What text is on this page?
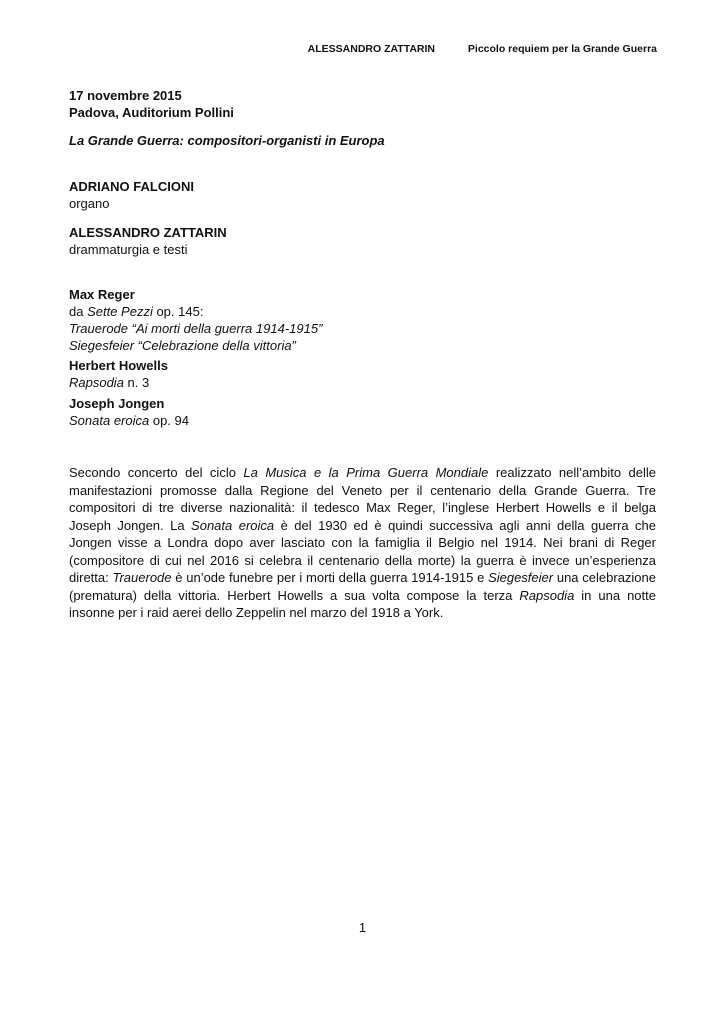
ALESSANDRO ZATTARIN	Piccolo requiem per la Grande Guerra
17 novembre 2015
Padova, Auditorium Pollini
La Grande Guerra: compositori-organisti in Europa
ADRIANO FALCIONI
organo
ALESSANDRO ZATTARIN
drammaturgia e testi
Max Reger
da Sette Pezzi op. 145:
Trauerode “Ai morti della guerra 1914-1915”
Siegesfeier “Celebrazione della vittoria”
Herbert Howells
Rapsodia n. 3
Joseph Jongen
Sonata eroica op. 94
Secondo concerto del ciclo La Musica e la Prima Guerra Mondiale realizzato nell’ambito delle manifestazioni promosse dalla Regione del Veneto per il centenario della Grande Guerra. Tre compositori di tre diverse nazionalità: il tedesco Max Reger, l’inglese Herbert Howells e il belga Joseph Jongen. La Sonata eroica è del 1930 ed è quindi successiva agli anni della guerra che Jongen visse a Londra dopo aver lasciato con la famiglia il Belgio nel 1914. Nei brani di Reger (compositore di cui nel 2016 si celebra il centenario della morte) la guerra è invece un’esperienza diretta: Trauerode è un’ode funebre per i morti della guerra 1914-1915 e Siegesfeier una celebrazione (prematura) della vittoria. Herbert Howells a sua volta compose la terza Rapsodia in una notte insonne per i raid aerei dello Zeppelin nel marzo del 1918 a York.
1
